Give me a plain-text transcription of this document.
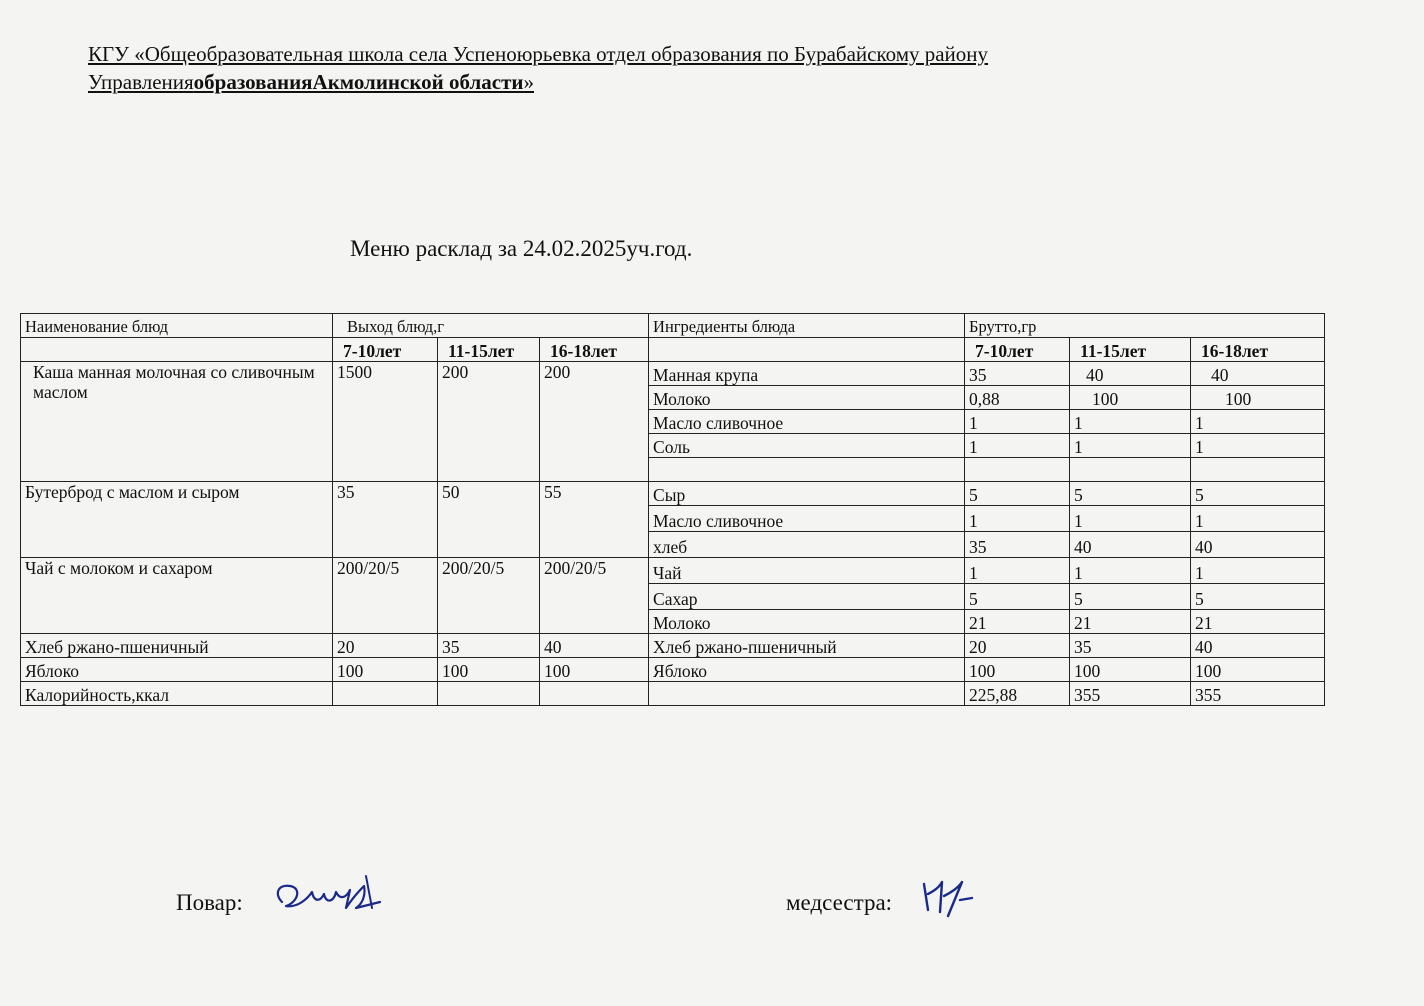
КГУ «Общеобразовательная школа села Успеноюрьевка отдел образования по Бурабайскому району
УправленияобразованияАкмолинской области»
Меню расклад за 24.02.2025уч.год.
Наименование блюд	Выход блюд,г			Ингредиенты блюда	Брутто,гр		
	7-10лет	11-15лет	16-18лет		7-10лет	11-15лет	16-18лет
Каша манная молочная со сливочным маслом	1500	200	200	Манная крупа	35	40	40
				Молоко	0,88	100	100
				Масло сливочное	1	1	1
				Соль	1	1	1

Бутерброд с маслом и сыром	35	50	55	Сыр	5	5	5
				Масло сливочное	1	1	1
				хлеб	35	40	40
Чай с молоком и сахаром	200/20/5	200/20/5	200/20/5	Чай	1	1	1
				Сахар	5	5	5
				Молоко	21	21	21
Хлеб ржано-пшеничный	20	35	40	Хлеб ржано-пшеничный	20	35	40
Яблоко	100	100	100	Яблоко	100	100	100
Калорийность,ккал					225,88	355	355
Повар:	медсестра:
